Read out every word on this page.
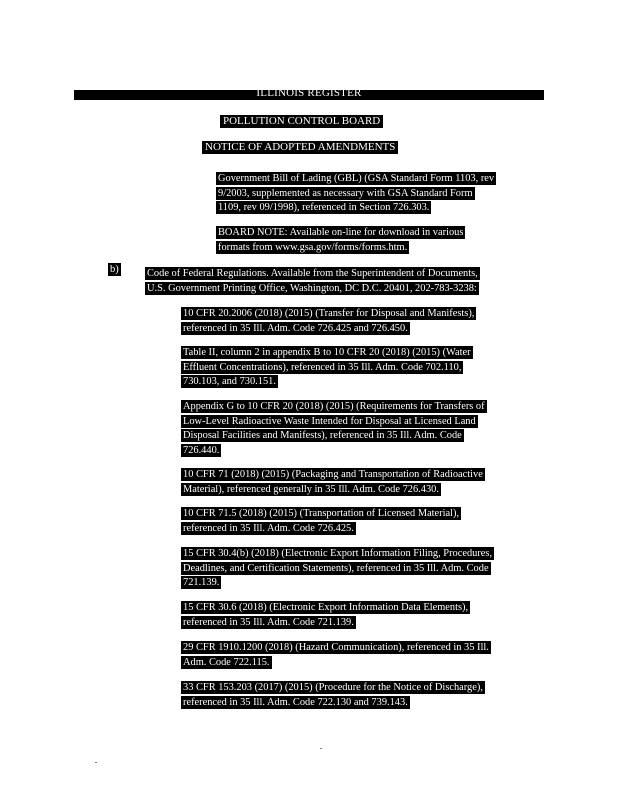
ILLINOIS REGISTER
POLLUTION CONTROL BOARD
NOTICE OF ADOPTED AMENDMENTS
Government Bill of Lading (GBL) (GSA Standard Form 1103, rev
9/2003, supplemented as necessary with GSA Standard Form
1109, rev 09/1998), referenced in Section 726.303.
BOARD NOTE: Available on-line for download in various
formats from www.gsa.gov/forms/forms.htm.
b)	Code of Federal Regulations. Available from the Superintendent of Documents,
U.S. Government Printing Office, Washington, DC D.C. 20401, 202-783-3238:
10 CFR 20.2006 (2018) (2015) (Transfer for Disposal and Manifests),
referenced in 35 Ill. Adm. Code 726.425 and 726.450.
Table II, column 2 in appendix B to 10 CFR 20 (2018) (2015) (Water
Effluent Concentrations), referenced in 35 Ill. Adm. Code 702.110,
730.103, and 730.151.
Appendix G to 10 CFR 20 (2018) (2015) (Requirements for Transfers of
Low-Level Radioactive Waste Intended for Disposal at Licensed Land
Disposal Facilities and Manifests), referenced in 35 Ill. Adm. Code
726.440.
10 CFR 71 (2018) (2015) (Packaging and Transportation of Radioactive
Material), referenced generally in 35 Ill. Adm. Code 726.430.
10 CFR 71.5 (2018) (2015) (Transportation of Licensed Material),
referenced in 35 Ill. Adm. Code 726.425.
15 CFR 30.4(b) (2018) (Electronic Export Information Filing, Procedures,
Deadlines, and Certification Statements), referenced in 35 Ill. Adm. Code
721.139.
15 CFR 30.6 (2018) (Electronic Export Information Data Elements),
referenced in 35 Ill. Adm. Code 721.139.
29 CFR 1910.1200 (2018) (Hazard Communication), referenced in 35 Ill.
Adm. Code 722.115.
33 CFR 153.203 (2017) (2015) (Procedure for the Notice of Discharge),
referenced in 35 Ill. Adm. Code 722.130 and 739.143.
